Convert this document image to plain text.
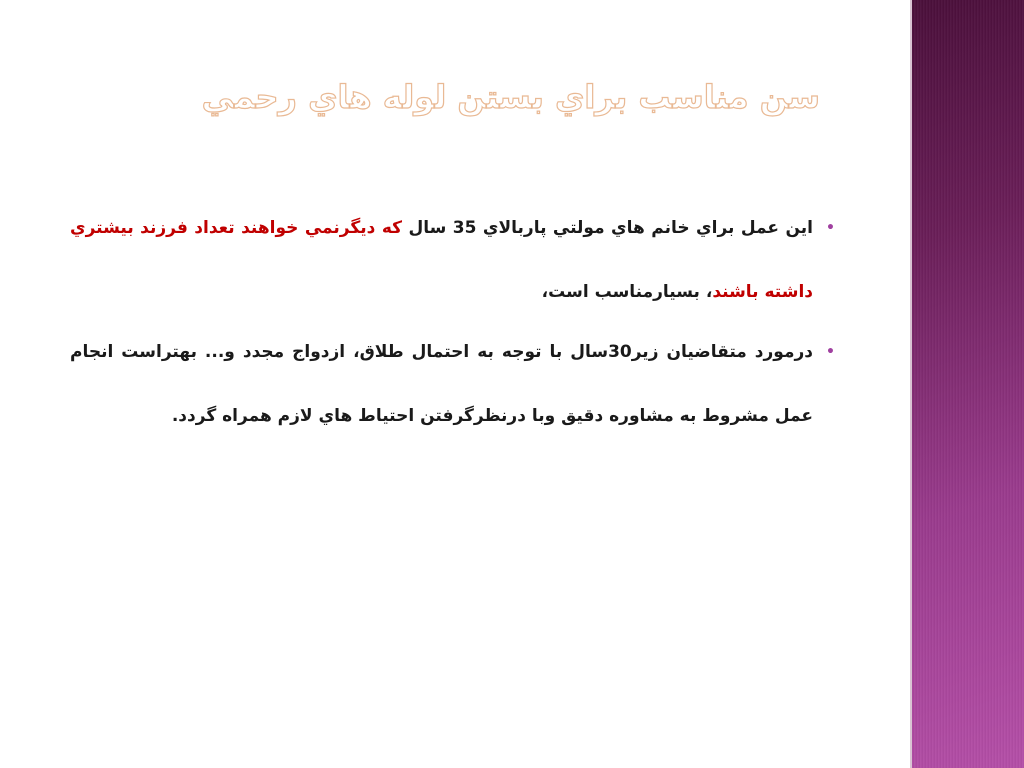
سن مناسب براي بستن لوله هاي رحمي
•
اين عمل براي خانم هاي مولتي پاربالاي 35 سال كه ديگرنمي خواهند تعداد فرزند بيشتري داشته باشند، بسيارمناسب است،
•
درمورد متقاضيان زير30سال با توجه به احتمال طلاق، ازدواج مجدد و... بهتراست انجام عمل مشروط به مشاوره دقيق وبا درنظرگرفتن احتياط هاي لازم همراه گردد.
